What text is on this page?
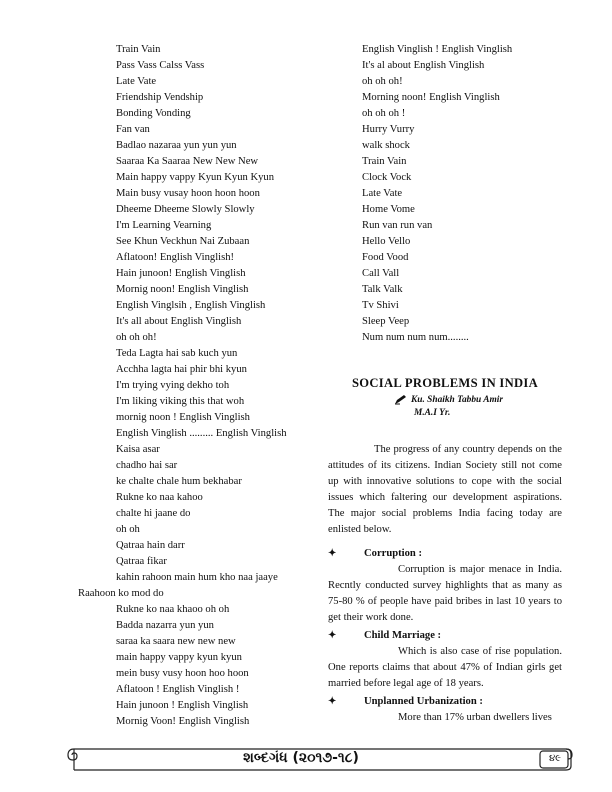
Train Vain
Pass Vass Calss Vass
Late Vate
Friendship Vendship
Bonding Vonding
Fan van
Badlao nazaraa yun yun yun
Saaraa Ka Saaraa New New New
Main happy vappy Kyun Kyun Kyun
Main busy vusay hoon hoon hoon
Dheeme Dheeme Slowly Slowly
I'm Learning Vearning
See Khun Veckhun Nai Zubaan
Aflatoon! English Vinglish!
Hain junoon! English Vinglish
Mornig noon! English Vinglish
English Vinglsih , English Vinglish
It's all about English Vinglish
oh oh oh!
Teda Lagta hai sab kuch yun
Acchha lagta hai phir bhi kyun
I'm trying vying dekho toh
I'm liking viking this that woh
mornig noon ! English Vinglish
English Vinglish ......... English Vinglish
Kaisa asar
chadho hai sar
ke chalte chale hum bekhabar
Rukne ko naa kahoo
chalte hi jaane do
oh oh
Qatraa hain darr
Qatraa fikar
kahin rahoon main hum kho naa jaaye
Raahoon ko mod do
Rukne ko naa khaoo oh oh
Badda nazarra yun yun
saraa ka saara new new new
main happy vappy kyun kyun
mein busy vusy hoon hoo hoon
Aflatoon ! English Vinglish !
Hain junoon ! English Vinglish
Mornig Voon! English Vinglish
English Vinglish ! English Vinglish
It's al about English Vinglish
oh oh oh!
Morning noon! English Vinglish
oh oh oh !
Hurry Vurry
walk shock
Train Vain
Clock Vock
Late Vate
Home Vome
Run van run van
Hello Vello
Food Vood
Call Vall
Talk Valk
Tv Shivi
Sleep Veep
Num num num num........
SOCIAL PROBLEMS IN INDIA
Ku. Shaikh Tabbu Amir
M.A.I Yr.

The progress of any country depends on the attitudes of its citizens. Indian Society still not come up with innovative solutions to cope with the social issues which faltering our development aspirations. The major social problems India facing today are enlisted below.

✦	Corruption :

Corruption is major menace in India. Recntly conducted survey highlights that as many as 75-80 % of people have paid bribes in last 10 years to get their work done.

✦	Child Marriage :

Which is also case of rise population. One reports claims that about 47% of Indian girls get married before legal age of 18 years.

✦	Unplanned Urbanization :

More than 17% urban dwellers lives

શબ્દગંધ (૨૦૧૭-૧૮)	૪૯
